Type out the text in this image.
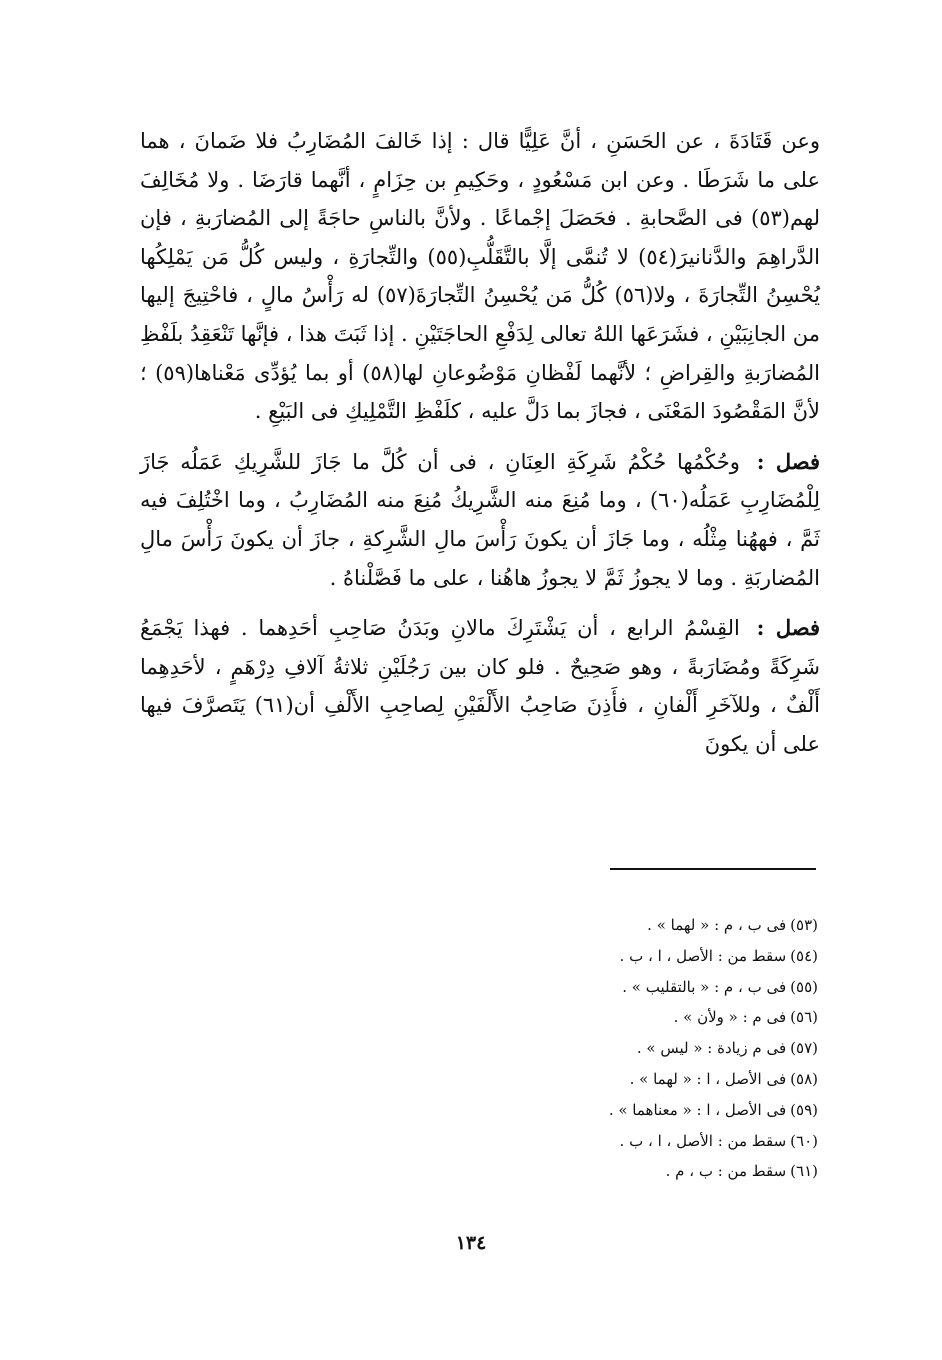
وعن قَتَادَةَ ، عن الحَسَنِ ، أنَّ عَلِيًّا قال : إذا خَالفَ المُضَارِبُ فلا ضَمانَ ، هما على ما شَرَطَا . وعن ابن مَسْعُودٍ ، وحَكِيمِ بن حِزَامٍ ، أنَّهما قارَضَا . ولا مُخَالِفَ لهم(٥٣) فى الصَّحابةِ . فحَصَلَ إجْماعًا . ولأنَّ بالناسِ حاجَةً إلى المُضارَبةِ ، فإن الدَّراهِمَ والدَّنانيرَ(٥٤) لا تُنمَّى إلَّا بالتَّقَلُّبِ(٥٥) والتِّجارَةِ ، وليس كُلُّ مَن يَمْلِكُها يُحْسِنُ التِّجارَةَ ، ولا(٥٦) كُلُّ مَن يُحْسِنُ التِّجارَةَ(٥٧) له رَأْسُ مالٍ ، فاحْتِيجَ إليها من الجانِبَيْنِ ، فشَرَعَها اللهُ تعالى لِدَفْعِ الحاجَتَيْنِ . إذا ثَبَتَ هذا ، فإنَّها تَنْعَقِدُ بلَفْظِ المُضارَبةِ والقِراضِ ؛ لأنَّهما لَفْظانِ مَوْضُوعانِ لها(٥٨) أو بما يُؤدِّى مَعْناها(٥٩) ؛ لأنَّ المَقْصُودَ المَعْنَى ، فجازَ بما دَلَّ عليه ، كلَفْظِ التَّمْلِيكِ فى البَيْعِ .

فصل : وحُكْمُها حُكْمُ شَرِكَةِ العِنَانِ ، فى أن كُلَّ ما جَازَ للشَّرِيكِ عَمَلُه جَازَ لِلْمُضَارِبِ عَمَلُه(٦٠) ، وما مُنِعَ منه الشَّرِيكُ مُنِعَ منه المُضَارِبُ ، وما اخْتُلِفَ فيه ثَمَّ ، فههُنا مِثْلُه ، وما جَازَ أن يكونَ رَأْسَ مالِ الشَّرِكةِ ، جازَ أن يكونَ رَأْسَ مالِ المُضاربَةِ . وما لا يجوزُ ثَمَّ لا يجوزُ هاهُنا ، على ما فَصَّلْناهُ .

فصل : القِسْمُ الرابع ، أن يَشْتَرِكَ مالانِ وبَدَنُ صَاحِبِ أحَدِهما . فهذا يَجْمَعُ شَرِكَةً ومُضَارَبةً ، وهو صَحِيحٌ . فلو كان بين رَجُلَيْنِ ثلاثةُ آلافِ دِرْهَمٍ ، لأحَدِهِما أَلْفٌ ، وللآخَرِ أَلْفانِ ، فأَذِنَ صَاحِبُ الأَلْفَيْنِ لِصاحِبِ الأَلْفِ أن(٦١) يَتَصرَّفَ فيها على أن يكونَ

(٥٣)فى ب ، م : « لهما » .
(٥٤)سقط من : الأصل ، ا ، ب .
(٥٥)فى ب ، م : « بالتقليب » .
(٥٦)فى م : « ولأن » .
(٥٧)فى م زيادة : « ليس » .
(٥٨)فى الأصل ، ا : « لهما » .
(٥٩)فى الأصل ، ا : « معناهما » .
(٦٠)سقط من : الأصل ، ا ، ب .
(٦١)سقط من : ب ، م .
١٣٤
